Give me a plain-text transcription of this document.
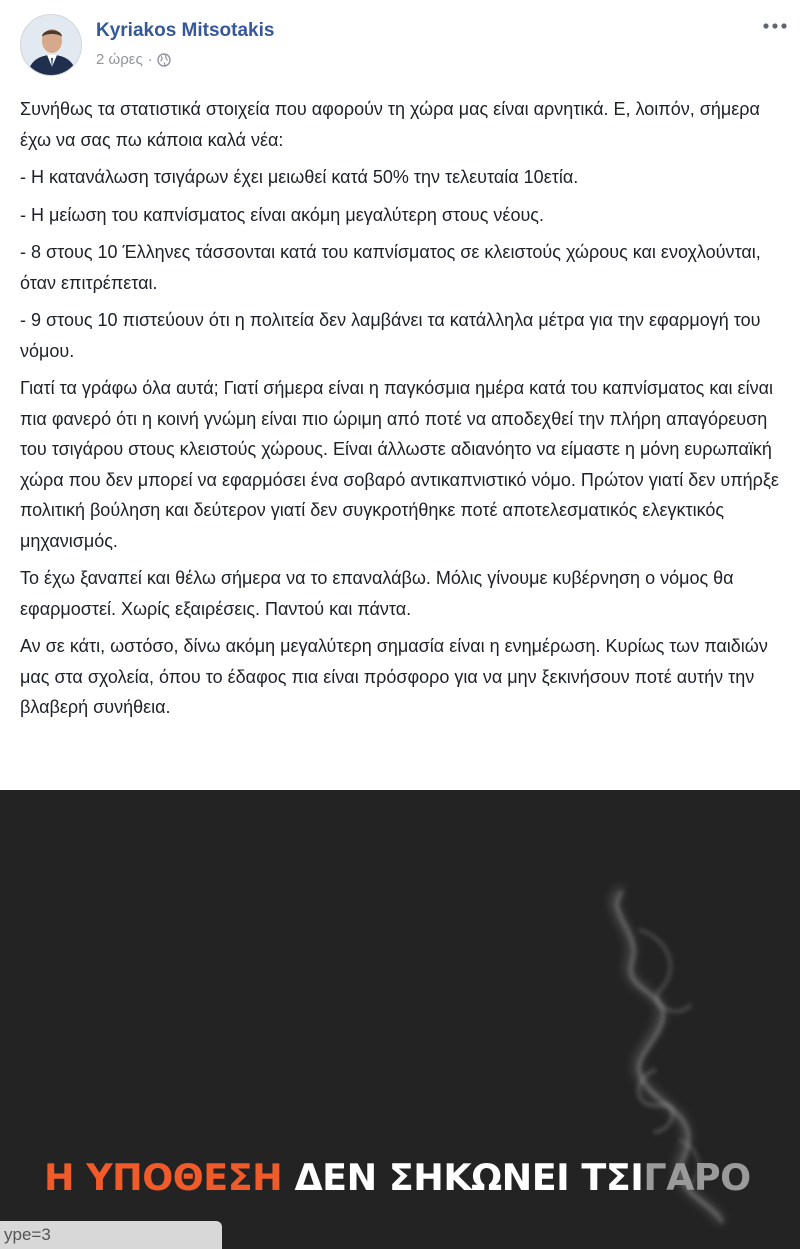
Kyriakos Mitsotakis
2 ώρες ·

Συνήθως τα στατιστικά στοιχεία που αφορούν τη χώρα μας είναι αρνητικά. Ε, λοιπόν, σήμερα έχω να σας πω κάποια καλά νέα:

- Η κατανάλωση τσιγάρων έχει μειωθεί κατά 50% την τελευταία 10ετία.

- Η μείωση του καπνίσματος είναι ακόμη μεγαλύτερη στους νέους.

- 8 στους 10 Έλληνες τάσσονται κατά του καπνίσματος σε κλειστούς χώρους και ενοχλούνται, όταν επιτρέπεται.

- 9 στους 10 πιστεύουν ότι η πολιτεία δεν λαμβάνει τα κατάλληλα μέτρα για την εφαρμογή του νόμου.

Γιατί τα γράφω όλα αυτά; Γιατί σήμερα είναι η παγκόσμια ημέρα κατά του καπνίσματος και είναι πια φανερό ότι η κοινή γνώμη είναι πιο ώριμη από ποτέ να αποδεχθεί την πλήρη απαγόρευση του τσιγάρου στους κλειστούς χώρους. Είναι άλλωστε αδιανόητο να είμαστε η μόνη ευρωπαϊκή χώρα που δεν μπορεί να εφαρμόσει ένα σοβαρό αντικαπνιστικό νόμο. Πρώτον γιατί δεν υπήρξε πολιτική βούληση και δεύτερον γιατί δεν συγκροτήθηκε ποτέ αποτελεσματικός ελεγκτικός μηχανισμός.

Το έχω ξαναπεί και θέλω σήμερα να το επαναλάβω. Μόλις γίνουμε κυβέρνηση ο νόμος θα εφαρμοστεί. Χωρίς εξαιρέσεις. Παντού και πάντα.

Αν σε κάτι, ωστόσο, δίνω ακόμη μεγαλύτερη σημασία είναι η ενημέρωση. Κυρίως των παιδιών μας στα σχολεία, όπου το έδαφος πια είναι πρόσφορο για να μην ξεκινήσουν ποτέ αυτήν την βλαβερή συνήθεια.

Η ΥΠΟΘΕΣΗ ΔΕΝ ΣΗΚΩΝΕΙ ΤΣΙΓΑΡΟ
ype=3
